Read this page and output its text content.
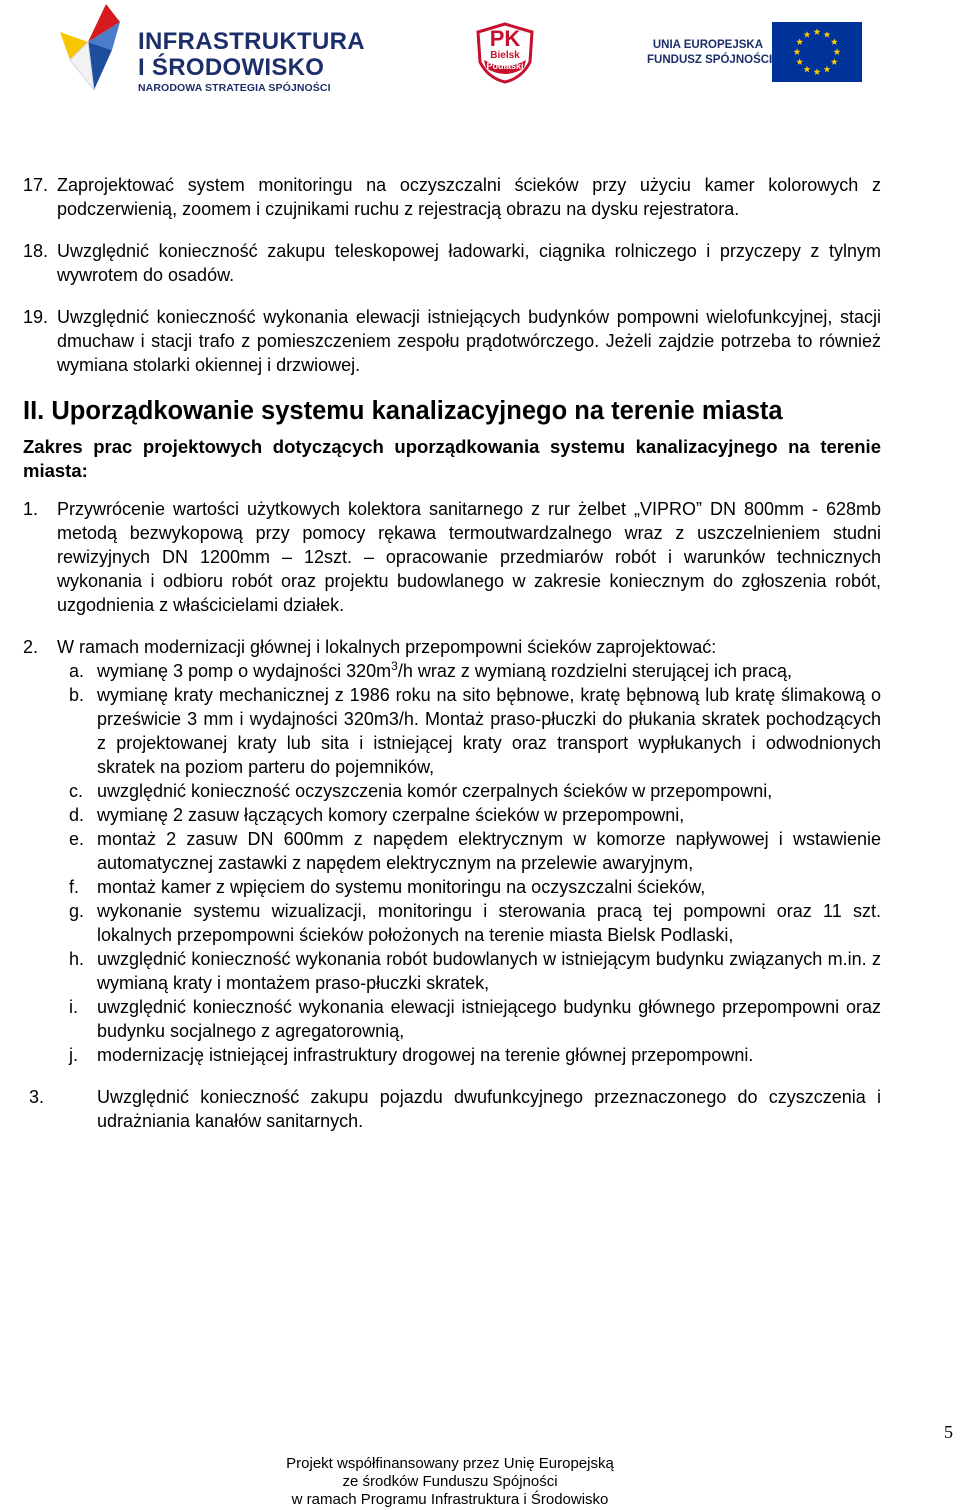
INFRASTRUKTURA
I ŚRODOWISKO
NARODOWA STRATEGIA SPÓJNOŚCI
PK
Bielsk
Podlaski
UNIA EUROPEJSKA
FUNDUSZ SPÓJNOŚCI
17. Zaprojektować system monitoringu na oczyszczalni ścieków przy użyciu kamer kolorowych z podczerwienią, zoomem i czujnikami ruchu z rejestracją obrazu na dysku rejestratora.
18. Uwzględnić konieczność zakupu teleskopowej ładowarki, ciągnika rolniczego i przyczepy z tylnym wywrotem do osadów.
19. Uwzględnić konieczność wykonania elewacji istniejących budynków pompowni wielofunkcyjnej, stacji dmuchaw i stacji trafo z pomieszczeniem zespołu prądotwórczego. Jeżeli zajdzie potrzeba to również wymiana stolarki okiennej i drzwiowej.
II. Uporządkowanie systemu kanalizacyjnego na terenie miasta

Zakres prac projektowych dotyczących uporządkowania systemu kanalizacyjnego na terenie miasta:

1. Przywrócenie wartości użytkowych kolektora sanitarnego z rur żelbet „VIPRO” DN 800mm - 628mb metodą bezwykopową przy pomocy rękawa termoutwardzalnego wraz z uszczelnieniem studni rewizyjnych DN 1200mm – 12szt. – opracowanie przedmiarów robót i warunków technicznych wykonania i odbioru robót oraz projektu budowlanego w zakresie koniecznym do zgłoszenia robót, uzgodnienia z właścicielami działek.
2. W ramach modernizacji głównej i lokalnych przepompowni ścieków zaprojektować:
a. wymianę 3 pomp o wydajności $320m^3/h$ wraz z wymianą rozdzielni sterującej ich pracą,
b. wymianę kraty mechanicznej z 1986 roku na sito bębnowe, kratę bębnową lub kratę ślimakową o prześwicie 3 mm i wydajności 320m3/h. Montaż praso-płuczki do płukania skratek pochodzących z projektowanej kraty lub sita i istniejącej kraty oraz transport wypłukanych i odwodnionych skratek na poziom parteru do pojemników,
c. uwzględnić konieczność oczyszczenia komór czerpalnych ścieków w przepompowni,
d. wymianę 2 zasuw łączących komory czerpalne ścieków w przepompowni,
e. montaż 2 zasuw DN 600mm z napędem elektrycznym w komorze napływowej i wstawienie automatycznej zastawki z napędem elektrycznym na przelewie awaryjnym,
f. montaż kamer z wpięciem do systemu monitoringu na oczyszczalni ścieków,
g. wykonanie systemu wizualizacji, monitoringu i sterowania pracą tej pompowni oraz 11 szt. lokalnych przepompowni ścieków położonych na terenie miasta Bielsk Podlaski,
h. uwzględnić konieczność wykonania robót budowlanych w istniejącym budynku związanych m.in. z wymianą kraty i montażem praso-płuczki skratek,
i. uwzględnić konieczność wykonania elewacji istniejącego budynku głównego przepompowni oraz budynku socjalnego z agregatorownią,
j. modernizację istniejącej infrastruktury drogowej na terenie głównej przepompowni.
3.	Uwzględnić konieczność zakupu pojazdu dwufunkcyjnego przeznaczonego do czyszczenia i udrażniania kanałów sanitarnych.
5
Projekt współfinansowany przez Unię Europejską
ze środków Funduszu Spójności
w ramach Programu Infrastruktura i Środowisko
